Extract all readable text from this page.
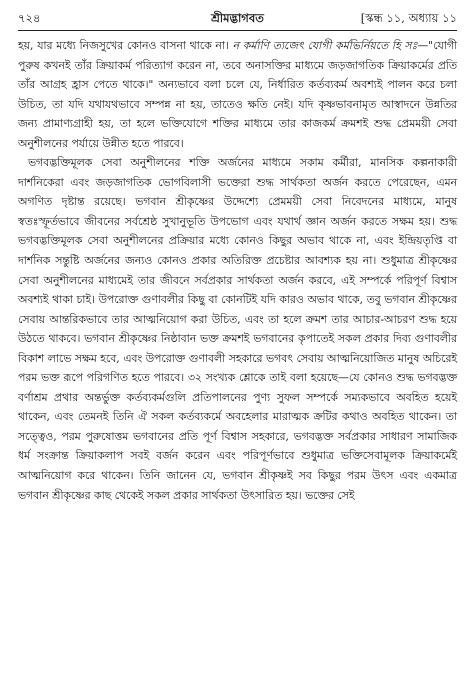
৭২৪	শ্রীমদ্ভাগবত	[স্কন্ধ ১১, অধ্যায় ১১

হয়, যার মধ্যে নিজসুখের কোনও বাসনা থাকে না। ন কর্মাণি ত্যজেৎ যোগী কর্মভির্নিয়তে হি সঃ—"যোগী পুরুষ কখনই তাঁর ক্রিয়াকর্ম পরিত্যাগ করেন না, তবে অনাসক্তির মাধ্যমে জড়জাগতিক ক্রিয়াকর্মের প্রতি তাঁর আগ্রহ হ্রাস পেতে থাকে।" অন্যভাবে বলা চলে যে, নির্ধারিত কর্তব্যকর্ম অবশ্যই পালন করে চলা উচিত, তা যদি যথাযথভাবে সম্পন্ন না হয়, তাতেও ক্ষতি নেই। যদি কৃষ্ণভাবনামৃত আস্বাদনে উন্নতির জন্য প্রামাণ্যগ্রাহী হয়, তা হলে ভক্তিযোগে শক্তির মাধ্যমে তার কাজকর্ম ক্রমশই শুদ্ধ প্রেমময়ী সেবা অনুশীলনের পর্যায়ে উন্নীত হতে পারবে।

ভগবদ্ভক্তিমূলক সেবা অনুশীলনের শক্তি অর্জনের মাধ্যমে সকাম কর্মীরা, মানসিক কল্পনাকারী দার্শনিকেরা এবং জড়জাগতিক ভোগবিলাসী ভক্তেরা শুদ্ধ সার্থকতা অর্জন করতে পেরেছেন, এমন অগণিত দৃষ্টান্ত রয়েছে। ভগবান শ্রীকৃষ্ণের উদ্দেশ্যে প্রেমময়ী সেবা নিবেদনের মাধ্যমে, মানুষ স্বতঃস্ফূর্তভাবে জীবনের সর্বশ্রেষ্ঠ সুখানুভূতি উপভোগ এবং যথার্থ জ্ঞান অর্জন করতে সক্ষম হয়। শুদ্ধ ভগবদ্ভক্তিমূলক সেবা অনুশীলনের প্রক্রিয়ার মধ্যে কোনও কিছুর অভাব থাকে না, এবং ইন্দ্রিয়তৃপ্তি বা দার্শনিক সন্তুষ্টি অর্জনের জন্যও কোনও প্রকার অতিরিক্ত প্রচেষ্টার আবশ্যক হয় না। শুধুমাত্র শ্রীকৃষ্ণের সেবা অনুশীলনের মাধ্যমেই তার জীবনে সর্বপ্রকার সার্থকতা অর্জন করবে, এই সম্পর্কে পরিপূর্ণ বিশ্বাস অবশ্যই থাকা চাই। উপরোক্ত গুণাবলীর কিছু বা কোনটিই যদি কারও অভাব থাকে, তবু ভগবান শ্রীকৃষ্ণের সেবায় আন্তরিকভাবে তার আত্মনিয়োগ করা উচিত, এবং তা হলে ক্রমশ তার আচার-আচরণ শুদ্ধ হয়ে উঠতে থাকবে। ভগবান শ্রীকৃষ্ণের নিষ্ঠাবান ভক্ত ক্রমশই ভগবানের কৃপাতেই সকল প্রকার দিব্য গুণাবলীর বিকাশ লাভে সক্ষম হবে, এবং উপরোক্ত গুণাবলী সহকারে ভগবৎ সেবায় আত্মনিয়োজিত মানুষ অচিরেই পরম ভক্ত রূপে পরিগণিত হতে পারবে। ৩২ সংখ্যক শ্লোকে তাই বলা হয়েছে—যে কোনও শুদ্ধ ভগবদ্ভক্ত বর্ণাশ্রম প্রথার অন্তর্ভুক্ত কর্তব্যকর্মগুলি প্রতিপালনের পুণ্য সুফল সম্পর্কে সম্যকভাবে অবহিত হয়েই থাকেন, এবং তেমনই তিনি ঐ সকল কর্তব্যকর্মে অবহেলার মারাত্মক ক্রটির কথাও অবহিত থাকেন। তা সত্ত্বেও, পরম পুরুষোত্তম ভগবানের প্রতি পূর্ণ বিশ্বাস সহকারে, ভগবদ্ভক্ত সর্বপ্রকার সাধারণ সামাজিক ধর্ম সংক্রান্ত ক্রিয়াকলাপ সবই বর্জন করেন এবং পরিপূর্ণভাবে শুধুমাত্র ভক্তিসেবামূলক ক্রিয়াকর্মেই আত্মনিয়োগ করে থাকেন। তিনি জানেন যে, ভগবান শ্রীকৃষ্ণই সব কিছুর পরম উৎস এবং একমাত্র ভগবান শ্রীকৃষ্ণের কাছ থেকেই সকল প্রকার সার্থকতা উৎসারিত হয়। ভক্তের সেই
